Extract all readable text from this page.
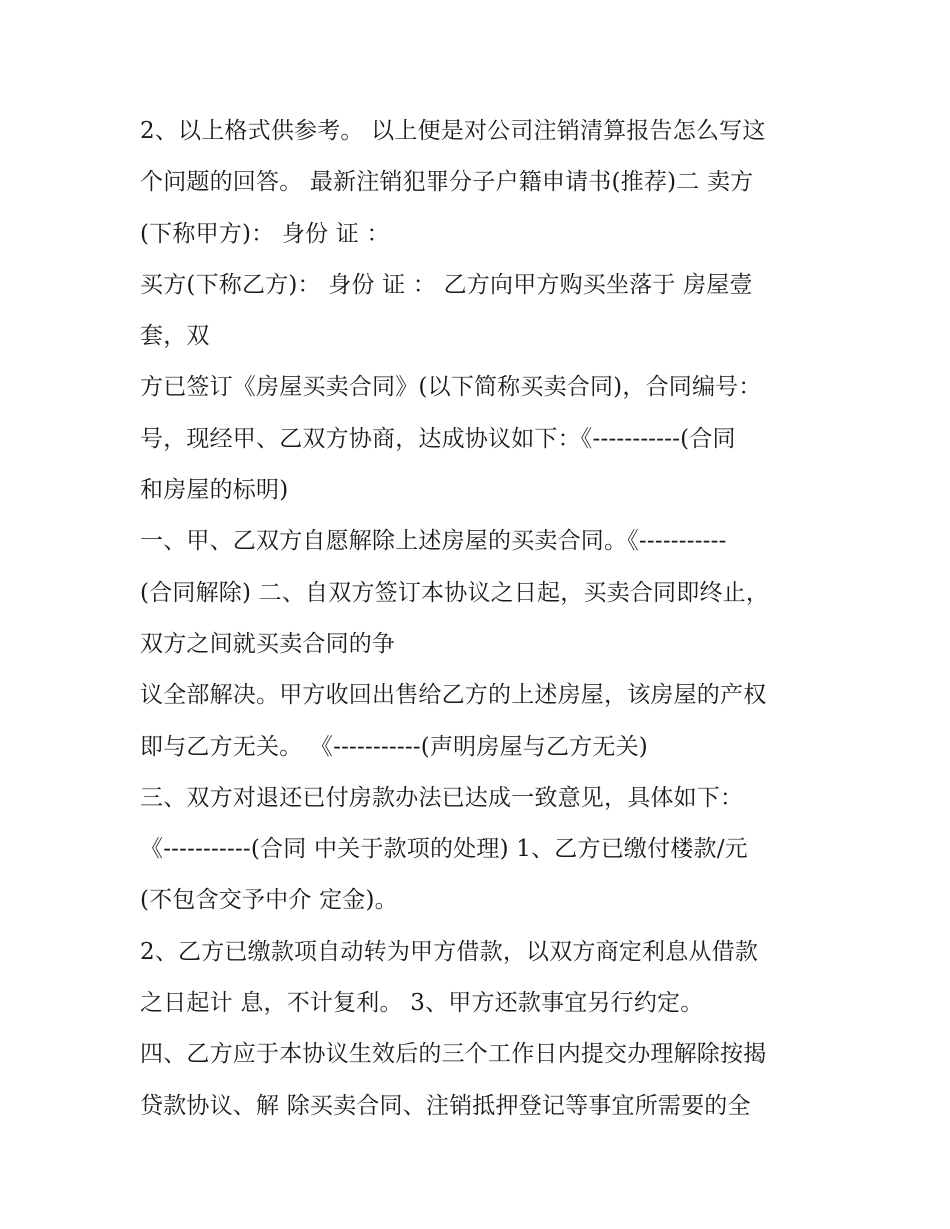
2、以上格式供参考。 以上便是对公司注销清算报告怎么写这
个问题的回答。 最新注销犯罪分子户籍申请书(推荐)二 卖方
(下称甲方)： 身份 证 ：
买方(下称乙方)： 身份 证 ： 乙方向甲方购买坐落于 房屋壹
套，双
方已签订《房屋买卖合同》(以下简称买卖合同)，合同编号：
号，现经甲、乙双方协商，达成协议如下：《-----------(合同
和房屋的标明)
一、甲、乙双方自愿解除上述房屋的买卖合同。《-----------
(合同解除) 二、自双方签订本协议之日起，买卖合同即终止，
双方之间就买卖合同的争
议全部解决。甲方收回出售给乙方的上述房屋，该房屋的产权
即与乙方无关。 《-----------(声明房屋与乙方无关)
三、双方对退还已付房款办法已达成一致意见，具体如下：
《-----------(合同 中关于款项的处理) 1、乙方已缴付楼款/元
(不包含交予中介 定金)。
2、乙方已缴款项自动转为甲方借款，以双方商定利息从借款
之日起计 息，不计复利。 3、甲方还款事宜另行约定。
四、乙方应于本协议生效后的三个工作日内提交办理解除按揭
贷款协议、解 除买卖合同、注销抵押登记等事宜所需要的全
